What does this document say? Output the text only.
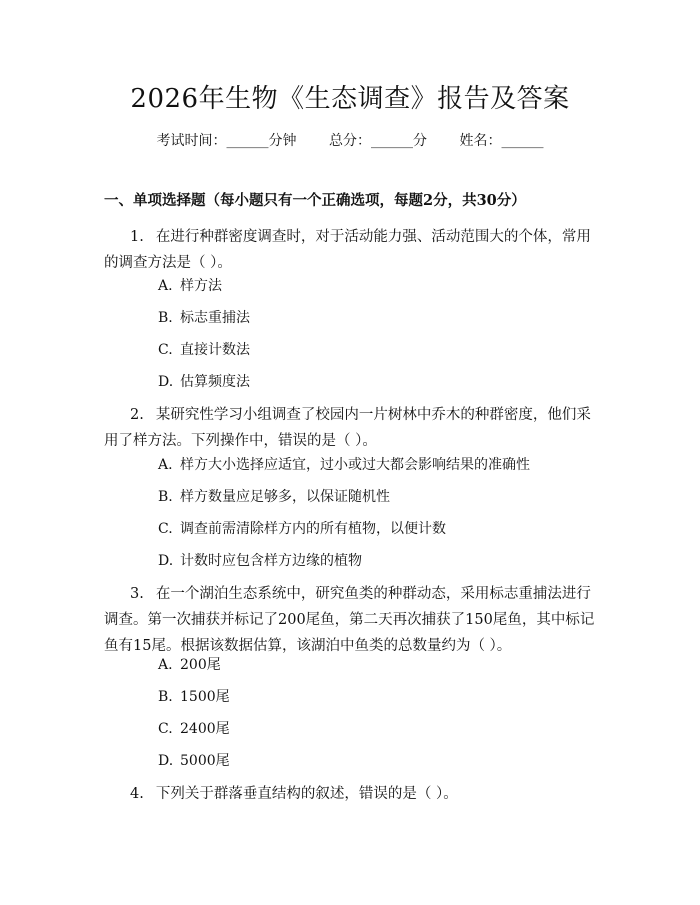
2026年生物《生态调查》报告及答案
考试时间：______分钟 总分：______分 姓名：______
一、单项选择题（每小题只有一个正确选项，每题2分，共30分）
1. 在进行种群密度调查时，对于活动能力强、活动范围大的个体，常用的调查方法是（ ）。
A. 样方法
B. 标志重捕法
C. 直接计数法
D. 估算频度法
2. 某研究性学习小组调查了校园内一片树林中乔木的种群密度，他们采用了样方法。下列操作中，错误的是（ ）。
A. 样方大小选择应适宜，过小或过大都会影响结果的准确性
B. 样方数量应足够多，以保证随机性
C. 调查前需清除样方内的所有植物，以便计数
D. 计数时应包含样方边缘的植物
3. 在一个湖泊生态系统中，研究鱼类的种群动态，采用标志重捕法进行调查。第一次捕获并标记了200尾鱼，第二天再次捕获了150尾鱼，其中标记鱼有15尾。根据该数据估算，该湖泊中鱼类的总数量约为（ ）。
A. 200尾
B. 1500尾
C. 2400尾
D. 5000尾
4. 下列关于群落垂直结构的叙述，错误的是（ ）。
